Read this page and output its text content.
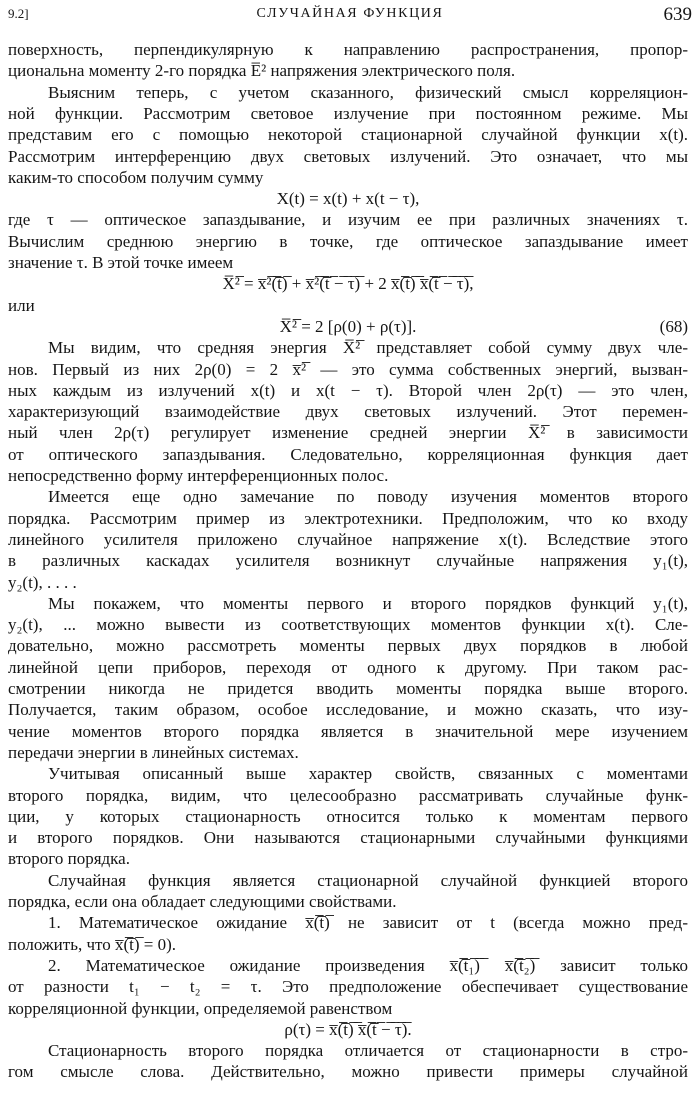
9.2]	СЛУЧАЙНАЯ ФУНКЦИЯ	639
поверхность, перпендикулярную к направлению распространения, пропор-
циональна моменту 2-го порядка E̅² напряжения электрического поля.
Выясним теперь, с учетом сказанного, физический смысл корреляцион-
ной функции. Рассмотрим световое излучение при постоянном режиме. Мы
представим его с помощью некоторой стационарной случайной функции x(t).
Рассмотрим интерференцию двух световых излучений. Это означает, что мы
каким-то способом получим сумму
X(t) = x(t) + x(t − τ),
где τ — оптическое запаздывание, и изучим ее при различных значениях τ.
Вычислим среднюю энергию в точке, где оптическое запаздывание имеет
значение τ. В этой точке имеем
X̅²̅ = x̅²̅(̅t̅)̅ + x̅²̅(̅t̅ ̅−̅ ̅τ̅)̅ + 2 x̅(̅t̅)̅ ̅x̅(̅t̅ ̅−̅ ̅τ̅)̅,
или
X̅²̅ = 2 [ρ(0) + ρ(τ)].	(68)
Мы видим, что средняя энергия X̅²̅ представляет собой сумму двух чле-
нов. Первый из них 2ρ(0) = 2 x̅²̅ — это сумма собственных энергий, вызван-
ных каждым из излучений x(t) и x(t − τ). Второй член 2ρ(τ) — это член,
характеризующий взаимодействие двух световых излучений. Этот перемен-
ный член 2ρ(τ) регулирует изменение средней энергии X̅²̅ в зависимости
от оптического запаздывания. Следовательно, корреляционная функция дает
непосредственно форму интерференционных полос.
Имеется еще одно замечание по поводу изучения моментов второго
порядка. Рассмотрим пример из электротехники. Предположим, что ко входу
линейного усилителя приложено случайное напряжение x(t). Вследствие этого
в различных каскадах усилителя возникнут случайные напряжения y₁(t),
y₂(t), . . . .
Мы покажем, что моменты первого и второго порядков функций y₁(t),
y₂(t), ... можно вывести из соответствующих моментов функции x(t). Сле-
довательно, можно рассмотреть моменты первых двух порядков в любой
линейной цепи приборов, переходя от одного к другому. При таком рас-
смотрении никогда не придется вводить моменты порядка выше второго.
Получается, таким образом, особое исследование, и можно сказать, что изу-
чение моментов второго порядка является в значительной мере изучением
передачи энергии в линейных системах.
Учитывая описанный выше характер свойств, связанных с моментами
второго порядка, видим, что целесообразно рассматривать случайные функ-
ции, у которых стационарность относится только к моментам первого
и второго порядков. Они называются стационарными случайными функциями
второго порядка.
Случайная функция является стационарной случайной функцией второго
порядка, если она обладает следующими свойствами.
1. Математическое ожидание x̅(̅t̅)̅ не зависит от t (всегда можно пред-
положить, что x̅(̅t̅)̅ = 0).
2. Математическое ожидание произведения x̅(̅t̅₁̅)̅ ̅x̅(̅t̅₂̅)̅ зависит только
от разности t₁ − t₂ = τ. Это предположение обеспечивает существование
корреляционной функции, определяемой равенством
ρ(τ) = x̅(̅t̅)̅ ̅x̅(̅t̅ ̅−̅ ̅τ̅)̅.
Стационарность второго порядка отличается от стационарности в стро-
гом смысле слова. Действительно, можно привести примеры случайной
